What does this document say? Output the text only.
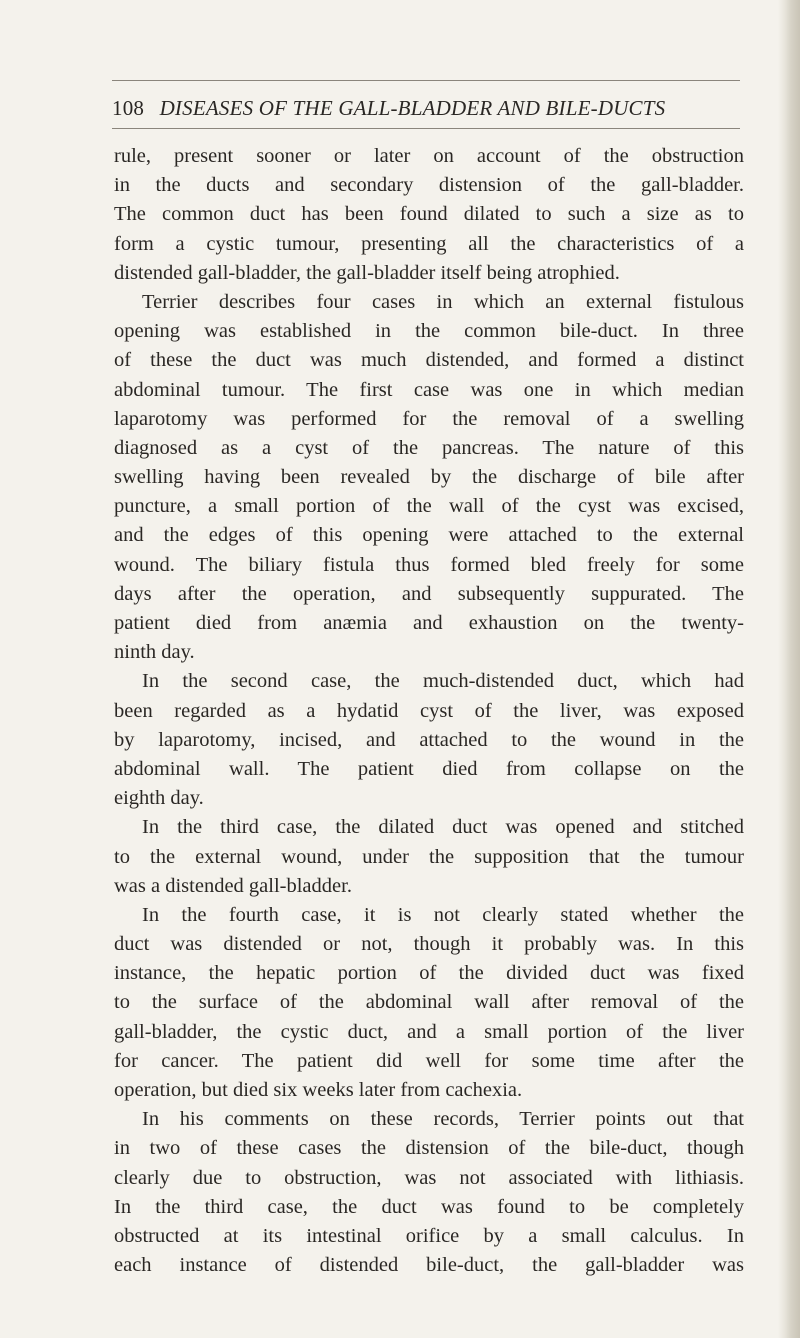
108 DISEASES OF THE GALL-BLADDER AND BILE-DUCTS
rule, present sooner or later on account of the obstruction
in the ducts and secondary distension of the gall-bladder.
The common duct has been found dilated to such a size as to
form a cystic tumour, presenting all the characteristics of a
distended gall-bladder, the gall-bladder itself being atrophied.
Terrier describes four cases in which an external fistulous
opening was established in the common bile-duct. In three
of these the duct was much distended, and formed a distinct
abdominal tumour. The first case was one in which median
laparotomy was performed for the removal of a swelling
diagnosed as a cyst of the pancreas. The nature of this
swelling having been revealed by the discharge of bile after
puncture, a small portion of the wall of the cyst was excised,
and the edges of this opening were attached to the external
wound. The biliary fistula thus formed bled freely for some
days after the operation, and subsequently suppurated. The
patient died from anæmia and exhaustion on the twenty-
ninth day.
In the second case, the much-distended duct, which had
been regarded as a hydatid cyst of the liver, was exposed
by laparotomy, incised, and attached to the wound in the
abdominal wall. The patient died from collapse on the
eighth day.
In the third case, the dilated duct was opened and stitched
to the external wound, under the supposition that the tumour
was a distended gall-bladder.
In the fourth case, it is not clearly stated whether the
duct was distended or not, though it probably was. In this
instance, the hepatic portion of the divided duct was fixed
to the surface of the abdominal wall after removal of the
gall-bladder, the cystic duct, and a small portion of the liver
for cancer. The patient did well for some time after the
operation, but died six weeks later from cachexia.
In his comments on these records, Terrier points out that
in two of these cases the distension of the bile-duct, though
clearly due to obstruction, was not associated with lithiasis.
In the third case, the duct was found to be completely
obstructed at its intestinal orifice by a small calculus. In
each instance of distended bile-duct, the gall-bladder was
